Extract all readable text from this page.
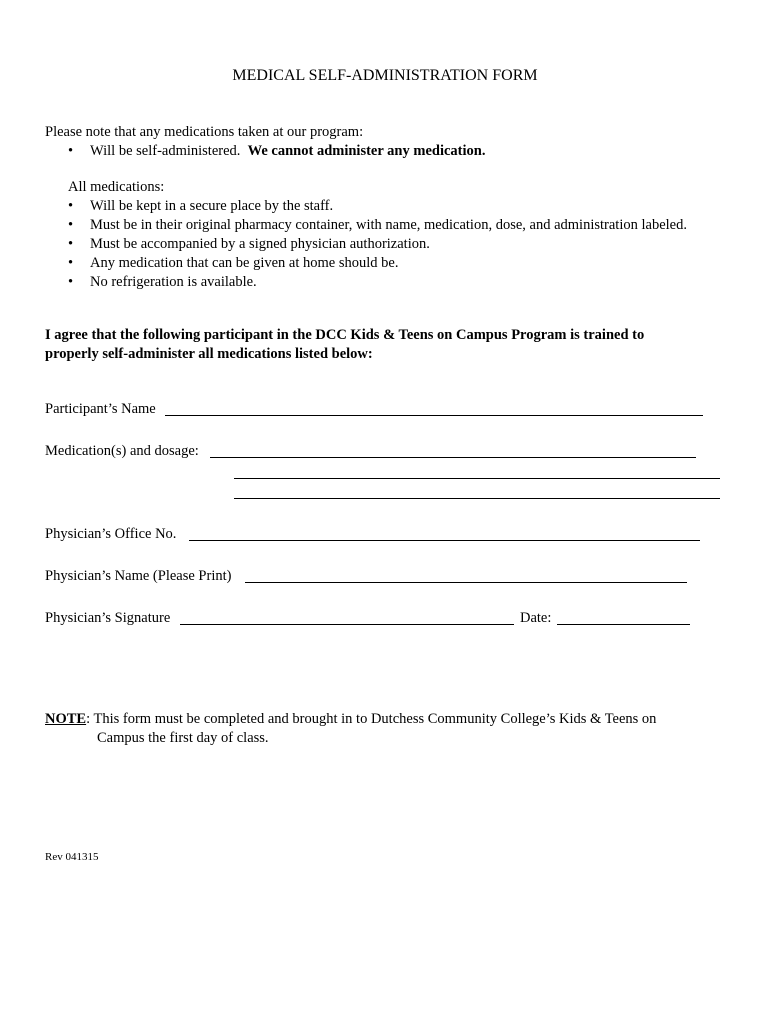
MEDICAL SELF-ADMINISTRATION FORM
Please note that any medications taken at our program:
• Will be self-administered. We cannot administer any medication.
All medications:
• Will be kept in a secure place by the staff.
• Must be in their original pharmacy container, with name, medication, dose, and administration labeled.
• Must be accompanied by a signed physician authorization.
• Any medication that can be given at home should be.
• No refrigeration is available.
I agree that the following participant in the DCC Kids & Teens on Campus Program is trained to
properly self-administer all medications listed below:
Participant’s Name
Medication(s) and dosage:
Physician’s Office No.
Physician’s Name (Please Print)
Physician’s Signature	Date:
NOTE: This form must be completed and brought in to Dutchess Community College’s Kids & Teens on
Campus the first day of class.
Rev 041315
